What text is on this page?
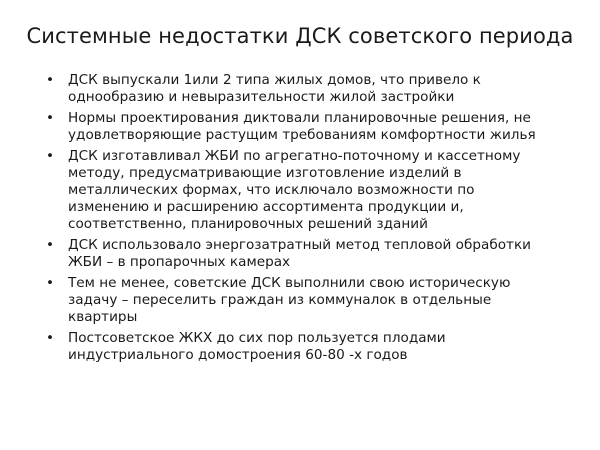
Системные недостатки ДСК советского периода
• ДСК выпускали 1или 2 типа жилых домов, что привело к однообразию и невыразительности жилой застройки
• Нормы проектирования диктовали планировочные решения, не удовлетворяющие растущим требованиям комфортности жилья
• ДСК изготавливал ЖБИ по агрегатно-поточному и кассетному методу, предусматривающие изготовление изделий в металлических формах, что исключало возможности по изменению и расширению ассортимента продукции и, соответственно, планировочных решений зданий
• ДСК использовало энергозатратный метод тепловой обработки ЖБИ – в пропарочных камерах
• Тем не менее, советские ДСК выполнили свою историческую задачу – переселить граждан из коммуналок в отдельные квартиры
• Постсоветское ЖКХ до сих пор пользуется плодами индустриального домостроения 60-80 -х годов
